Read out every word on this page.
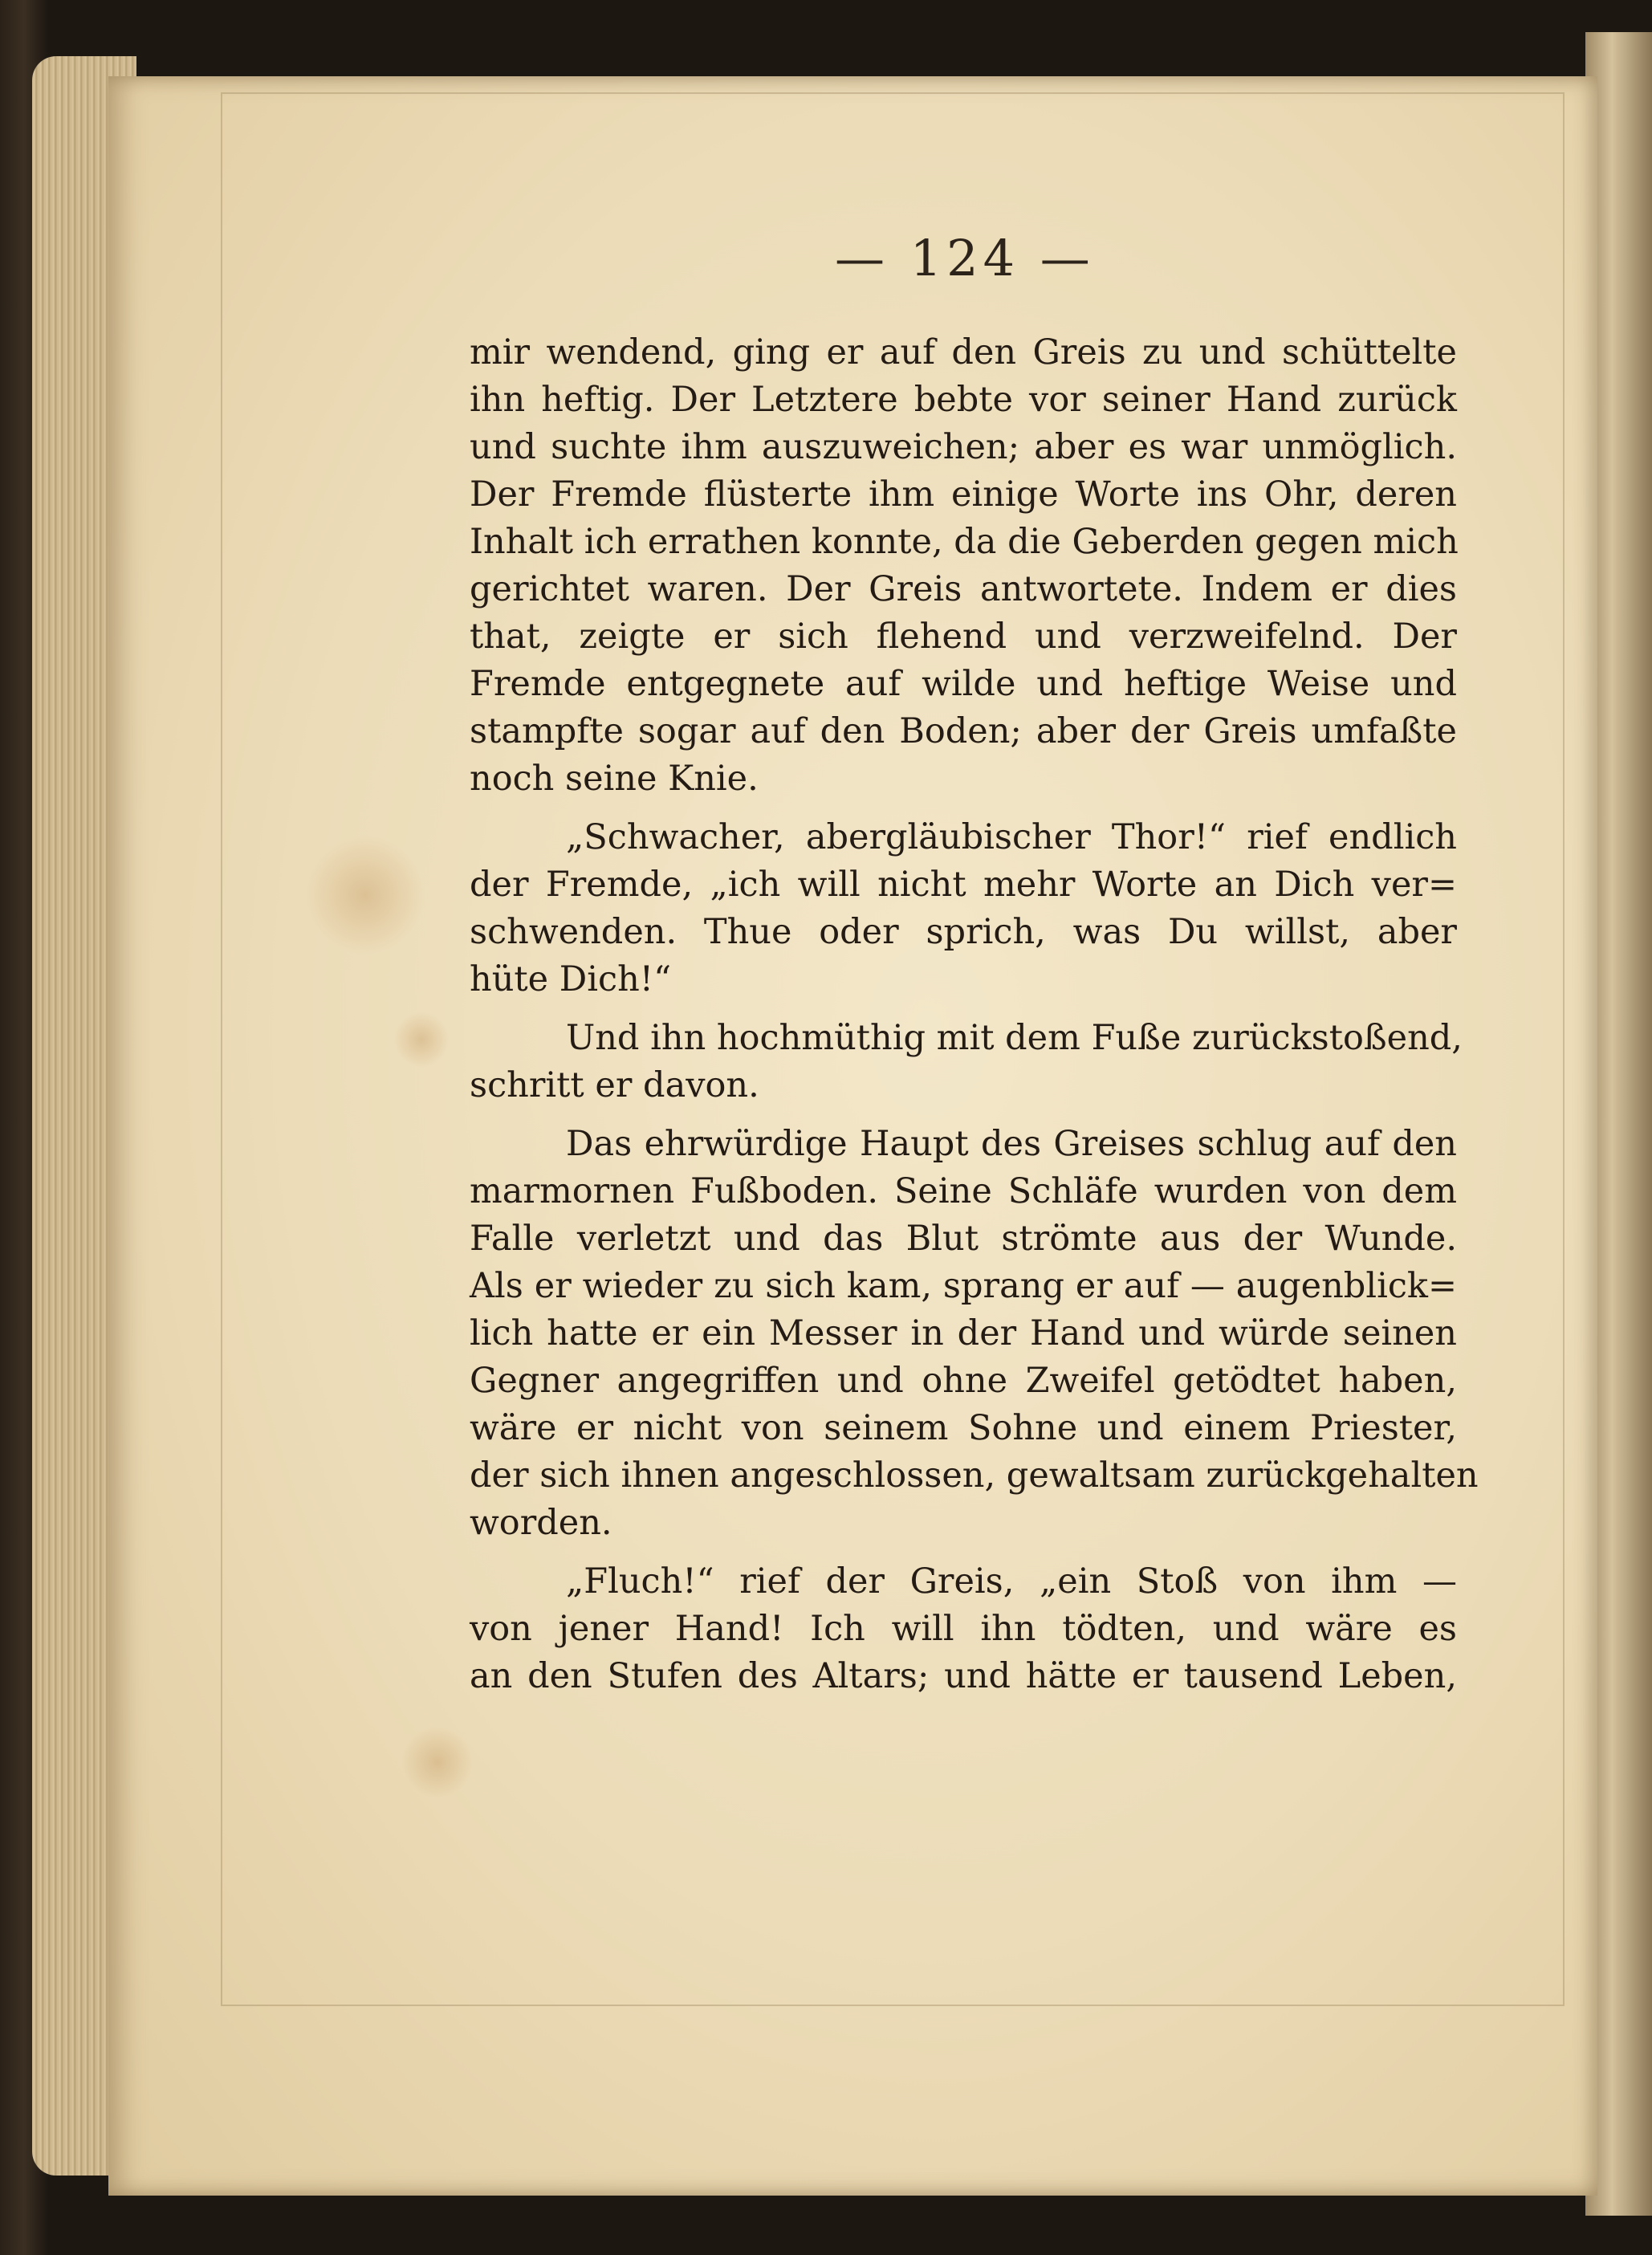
— 124 —
mir wendend, ging er auf den Greis zu und schüttelte
ihn heftig. Der Letztere bebte vor seiner Hand zurück
und suchte ihm auszuweichen; aber es war unmöglich.
Der Fremde flüsterte ihm einige Worte ins Ohr, deren
Inhalt ich errathen konnte, da die Geberden gegen mich
gerichtet waren. Der Greis antwortete. Indem er dies
that, zeigte er sich flehend und verzweifelnd. Der
Fremde entgegnete auf wilde und heftige Weise und
stampfte sogar auf den Boden; aber der Greis umfaßte
noch seine Knie.
„Schwacher, abergläubischer Thor!“ rief endlich
der Fremde, „ich will nicht mehr Worte an Dich ver=
schwenden. Thue oder sprich, was Du willst, aber
hüte Dich!“
Und ihn hochmüthig mit dem Fuße zurückstoßend,
schritt er davon.
Das ehrwürdige Haupt des Greises schlug auf den
marmornen Fußboden. Seine Schläfe wurden von dem
Falle verletzt und das Blut strömte aus der Wunde.
Als er wieder zu sich kam, sprang er auf — augenblick=
lich hatte er ein Messer in der Hand und würde seinen
Gegner angegriffen und ohne Zweifel getödtet haben,
wäre er nicht von seinem Sohne und einem Priester,
der sich ihnen angeschlossen, gewaltsam zurückgehalten
worden.
„Fluch!“ rief der Greis, „ein Stoß von ihm —
von jener Hand! Ich will ihn tödten, und wäre es
an den Stufen des Altars; und hätte er tausend Leben,
